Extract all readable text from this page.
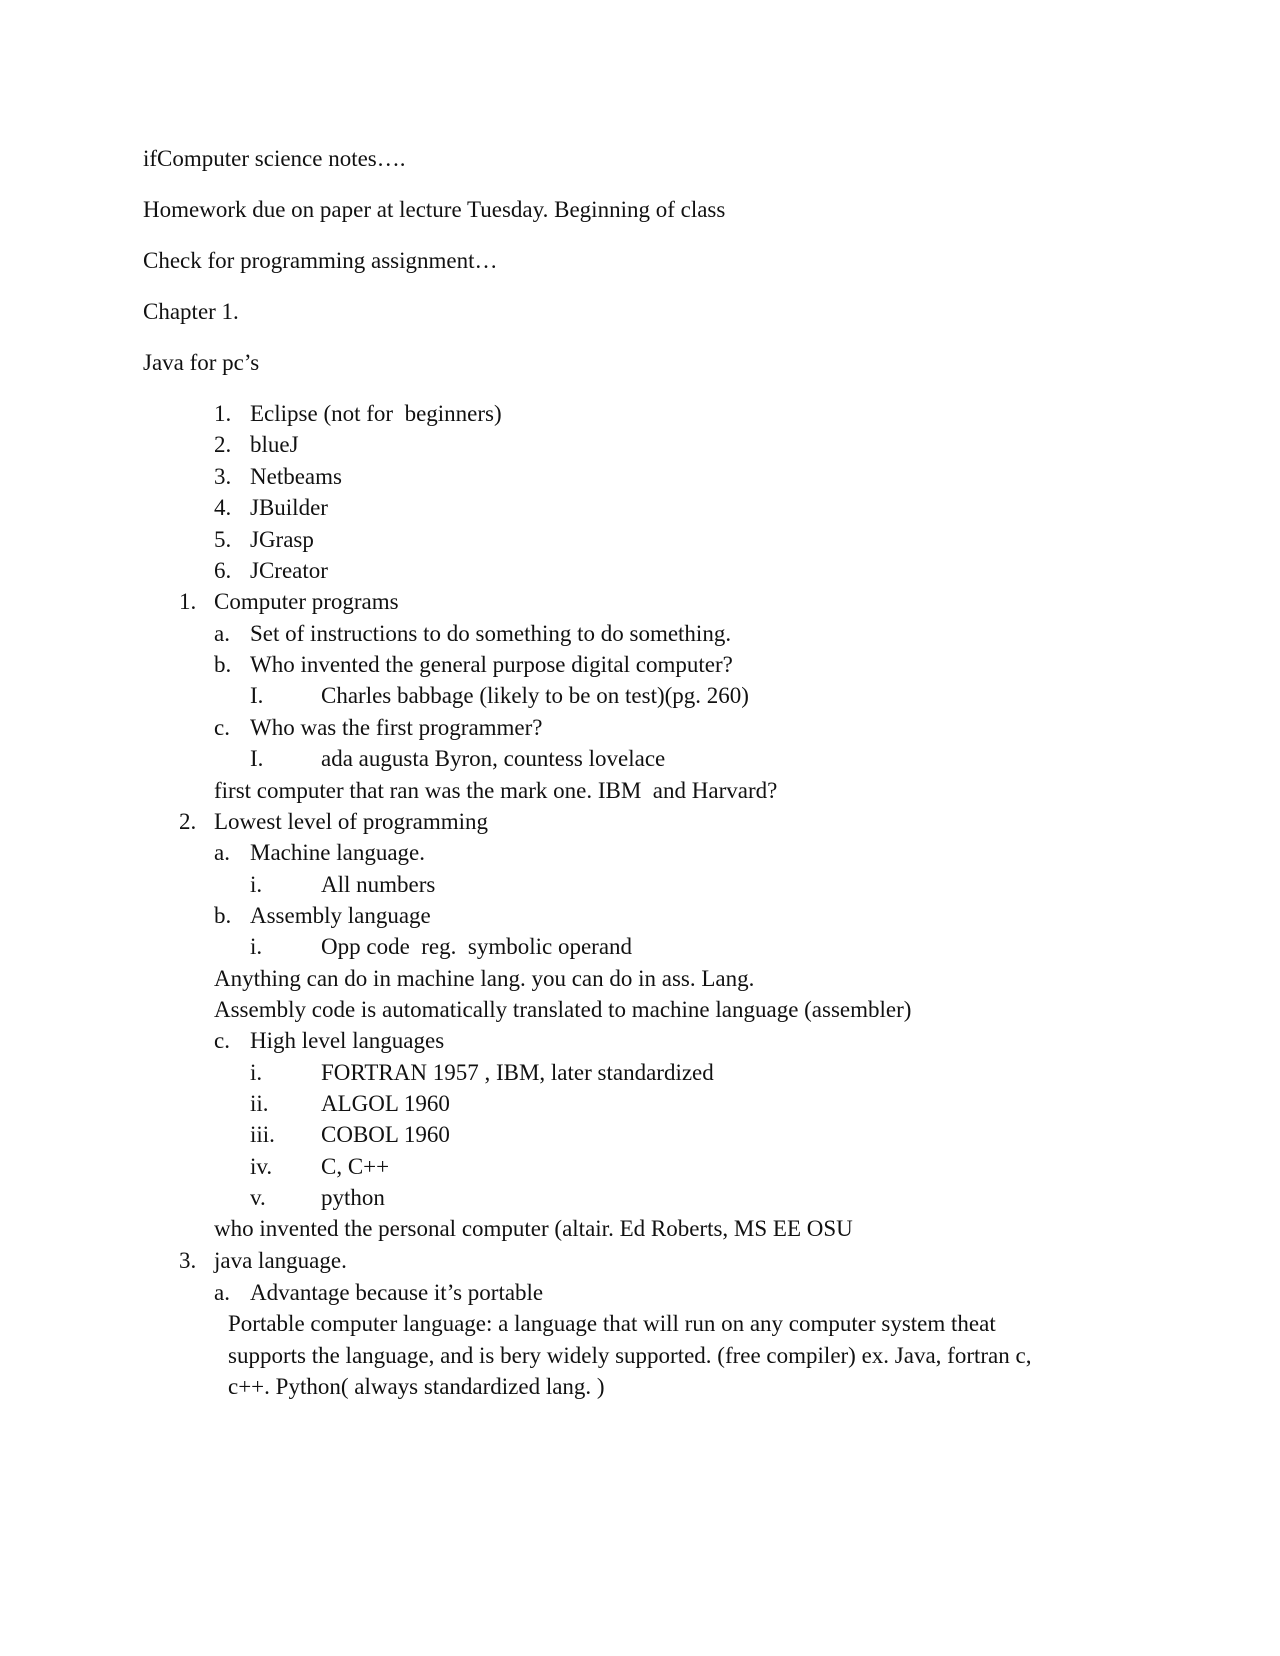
ifComputer science notes….
Homework due on paper at lecture Tuesday. Beginning of class
Check for programming assignment…
Chapter 1.
Java for pc’s
1. Eclipse (not for  beginners)
2. blueJ
3. Netbeams
4. JBuilder
5. JGrasp
6. JCreator
1. Computer programs
a. Set of instructions to do something to do something.
b. Who invented the general purpose digital computer?
I.	Charles babbage (likely to be on test)(pg. 260)
c. Who was the first programmer?
I.	ada augusta Byron, countess lovelace
first computer that ran was the mark one. IBM  and Harvard?
2. Lowest level of programming
a. Machine language.
i.	All numbers
b. Assembly language
i.	Opp code  reg.  symbolic operand
Anything can do in machine lang. you can do in ass. Lang.
Assembly code is automatically translated to machine language (assembler)
c. High level languages
i.	FORTRAN 1957 , IBM, later standardized
ii. ALGOL 1960
iii. COBOL 1960
iv. C, C++
v. python
who invented the personal computer (altair. Ed Roberts, MS EE OSU
3. java language.
a. Advantage because it’s portable
Portable computer language: a language that will run on any computer system theat
supports the language, and is bery widely supported. (free compiler) ex. Java, fortran c,
c++. Python( always standardized lang. )
